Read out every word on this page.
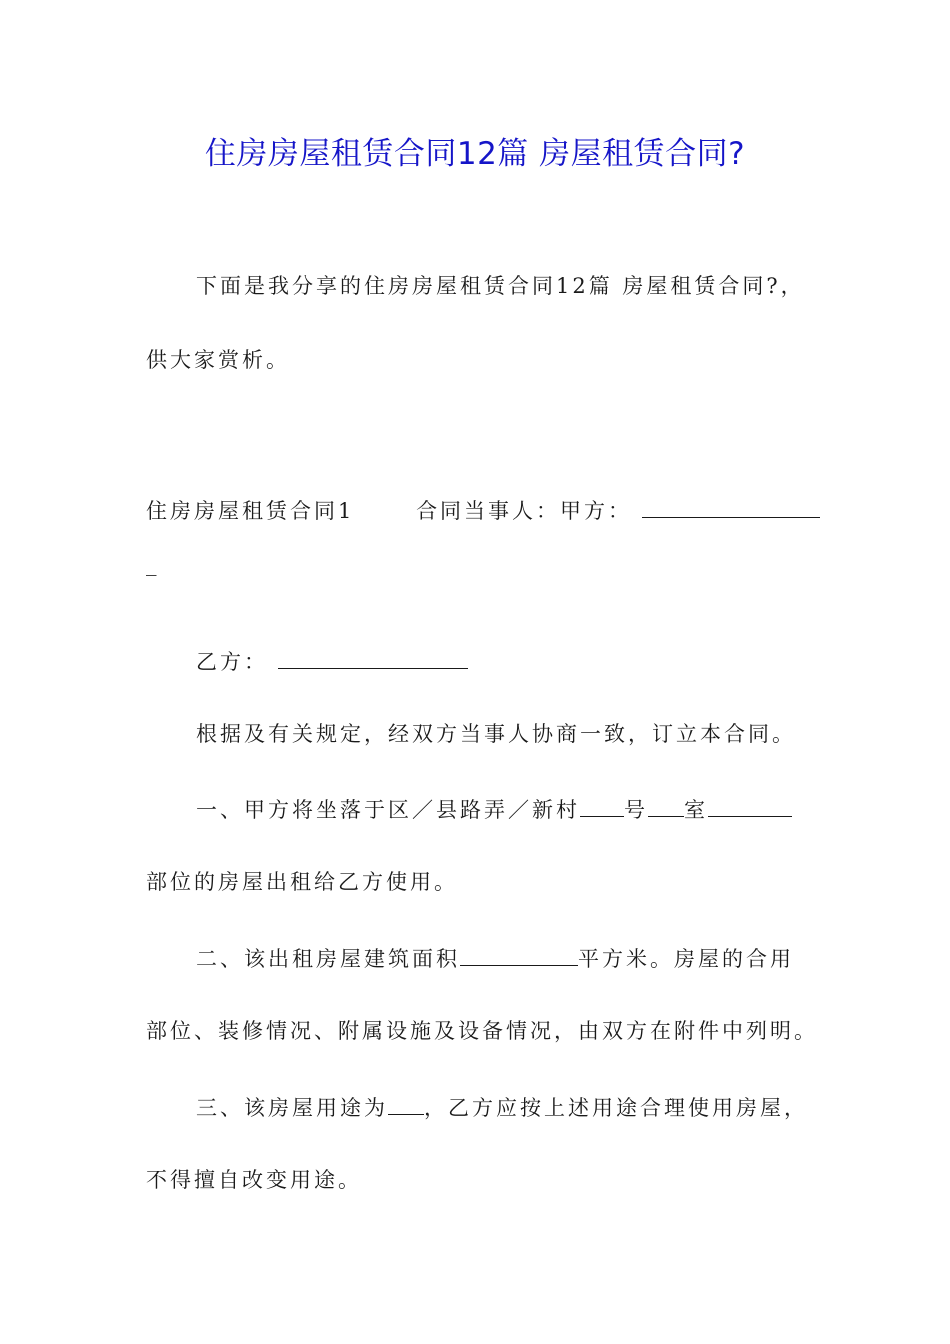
住房房屋租赁合同12篇 房屋租赁合同?
下面是我分享的住房房屋租赁合同12篇 房屋租赁合同?，
供大家赏析。
住房房屋租赁合同1	合同当事人：甲方：
_
乙方：
根据及有关规定，经双方当事人协商一致，订立本合同。
一、甲方将坐落于区／县路弄／新村 号 室
部位的房屋出租给乙方使用。
二、该出租房屋建筑面积	平方米。房屋的合用
部位、装修情况、附属设施及设备情况，由双方在附件中列明。
三、该房屋用途为 ，乙方应按上述用途合理使用房屋，
不得擅自改变用途。
